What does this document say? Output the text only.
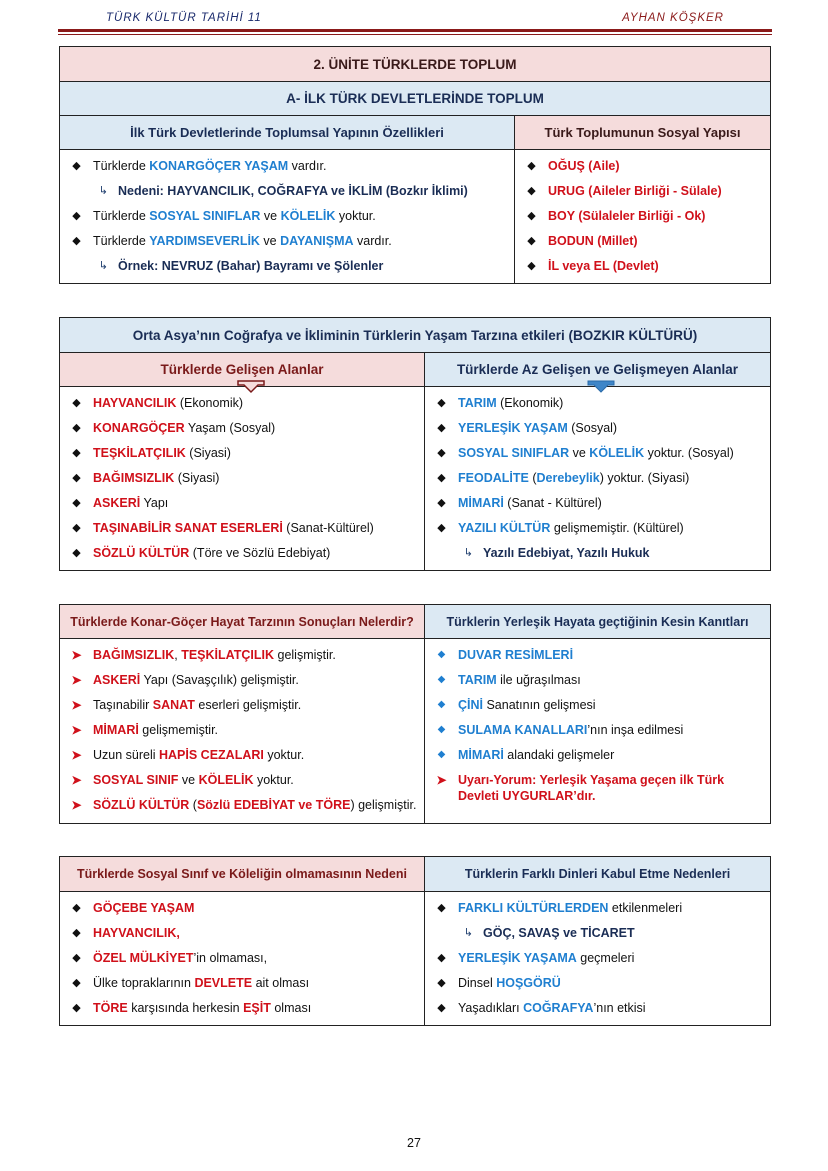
TÜRK KÜLTÜR TARİHİ 11	AYHAN KÖŞKER
2. ÜNİTE TÜRKLERDE TOPLUM
A- İLK TÜRK DEVLETLERİNDE TOPLUM
İlk Türk Devletlerinde Toplumsal Yapının Özellikleri	Türk Toplumunun Sosyal Yapısı
◆ Türklerde KONARGÖÇER YAŞAM vardır.
↳ Nedeni: HAYVANCILIK, COĞRAFYA ve İKLİM (Bozkır İklimi)
◆ Türklerde SOSYAL SINIFLAR ve KÖLELİK yoktur.
◆ Türklerde YARDIMSEVERLİK ve DAYANIŞMA vardır.
↳ Örnek: NEVRUZ (Bahar) Bayramı ve Şölenler
◆ OĞUŞ (Aile)
◆ URUG (Aileler Birliği - Sülale)
◆ BOY (Sülaleler Birliği - Ok)
◆ BODUN (Millet)
◆ İL veya EL (Devlet)
Orta Asya’nın Coğrafya ve İkliminin Türklerin Yaşam Tarzına etkileri (BOZKIR KÜLTÜRÜ)
Türklerde Gelişen Alanlar	Türklerde Az Gelişen ve Gelişmeyen Alanlar
◆ HAYVANCILIK (Ekonomik)
◆ KONARGÖÇER Yaşam (Sosyal)
◆ TEŞKİLATÇILIK (Siyasi)
◆ BAĞIMSIZLIK (Siyasi)
◆ ASKERİ Yapı
◆ TAŞINABİLİR SANAT ESERLERİ (Sanat-Kültürel)
◆ SÖZLÜ KÜLTÜR (Töre ve Sözlü Edebiyat)
◆ TARIM (Ekonomik)
◆ YERLEŞİK YAŞAM (Sosyal)
◆ SOSYAL SINIFLAR ve KÖLELİK yoktur. (Sosyal)
◆ FEODALİTE (Derebeylik) yoktur. (Siyasi)
◆ MİMARİ (Sanat - Kültürel)
◆ YAZILI KÜLTÜR gelişmemiştir. (Kültürel)
↳ Yazılı Edebiyat, Yazılı Hukuk
Türklerde Konar-Göçer Hayat Tarzının Sonuçları Nelerdir?	Türklerin Yerleşik Hayata geçtiğinin Kesin Kanıtları
➤ BAĞIMSIZLIK, TEŞKİLATÇILIK gelişmiştir.
➤ ASKERİ Yapı (Savaşçılık) gelişmiştir.
➤ Taşınabilir SANAT eserleri gelişmiştir.
➤ MİMARİ gelişmemiştir.
➤ Uzun süreli HAPİS CEZALARI yoktur.
➤ SOSYAL SINIF ve KÖLELİK yoktur.
➤ SÖZLÜ KÜLTÜR (Sözlü EDEBİYAT ve TÖRE) gelişmiştir.
◆	DUVAR RESİMLERİ
◆	TARIM ile uğraşılması
◆	ÇİNİ Sanatının gelişmesi
◆	SULAMA KANALLARI’nın inşa edilmesi
◆	MİMARİ alandaki gelişmeler
➤ Uyarı-Yorum: Yerleşik Yaşama geçen ilk Türk Devleti UYGURLAR’dır.
Türklerde Sosyal Sınıf ve Köleliğin olmamasının Nedeni	Türklerin Farklı Dinleri Kabul Etme Nedenleri
◆ GÖÇEBE YAŞAM
◆ HAYVANCILIK,
◆ ÖZEL MÜLKİYET’in olmaması,
◆ Ülke topraklarının DEVLETE ait olması
◆ TÖRE karşısında herkesin EŞİT olması
◆ FARKLI KÜLTÜRLERDEN etkilenmeleri
↳ GÖÇ, SAVAŞ ve TİCARET
◆ YERLEŞİK YAŞAMA geçmeleri
◆ Dinsel HOŞGÖRÜ
◆ Yaşadıkları COĞRAFYA’nın etkisi
27
